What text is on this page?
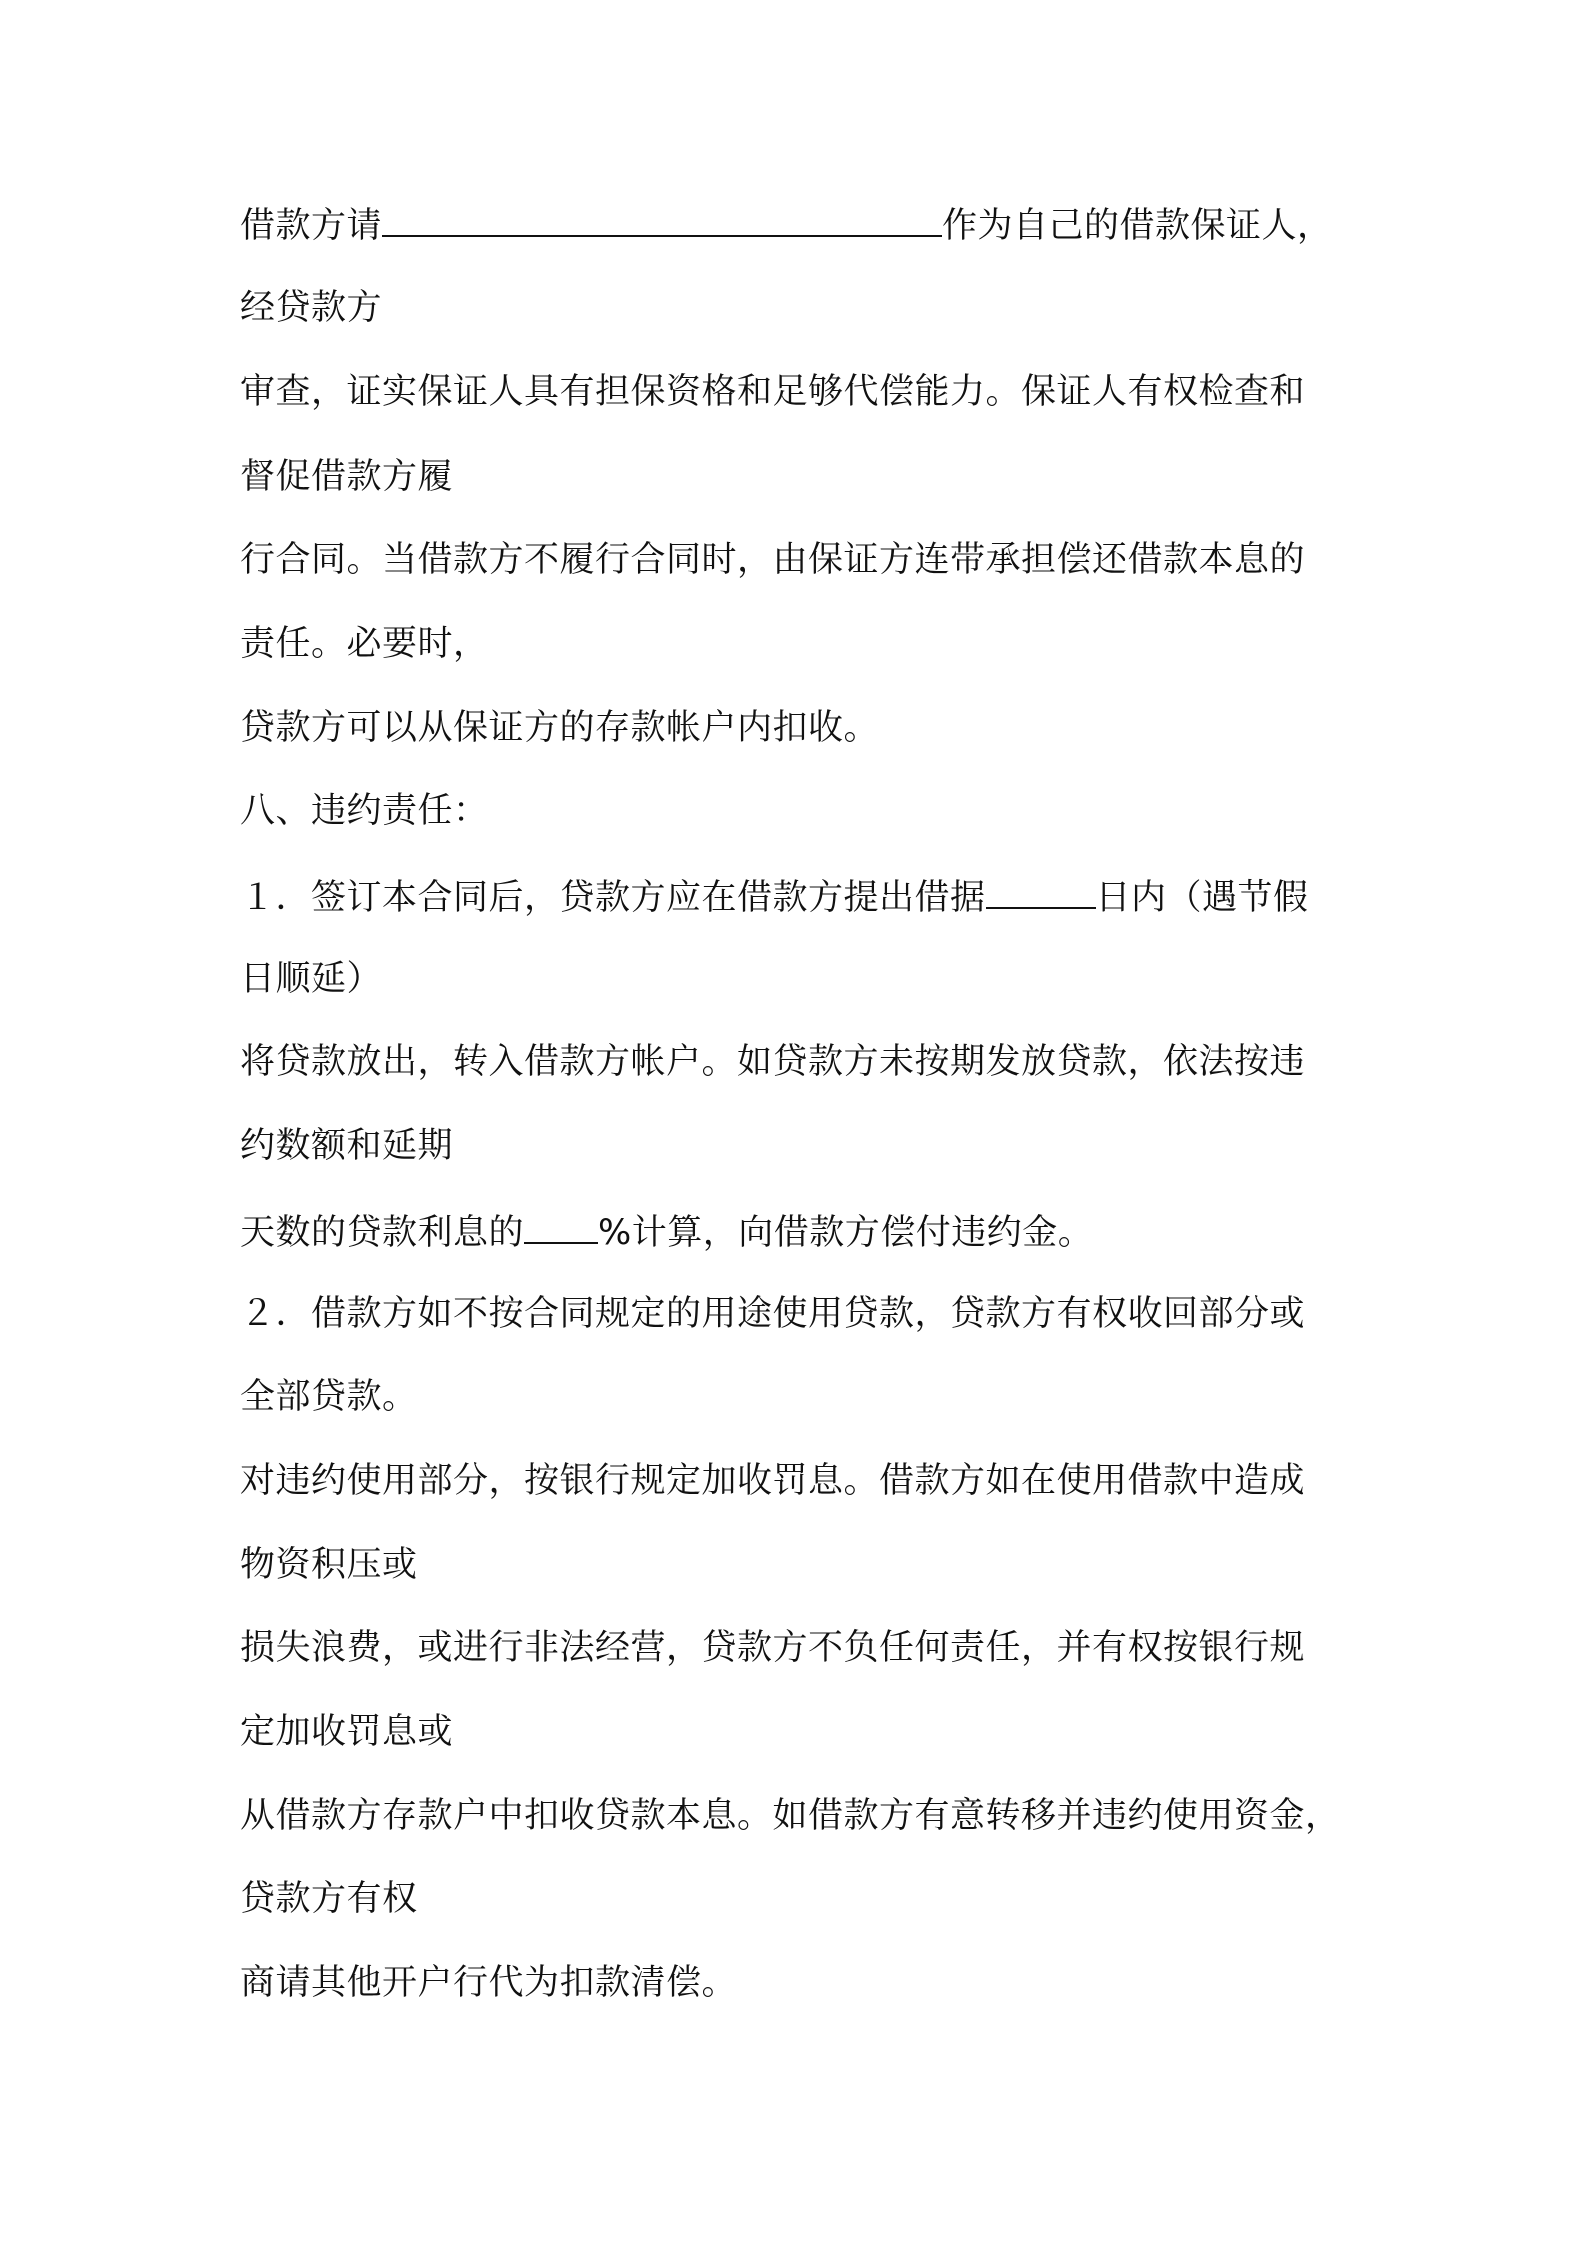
借款方请	作为自己的借款保证人，
经贷款方
审查，证实保证人具有担保资格和足够代偿能力。保证人有权检查和
督促借款方履
行合同。当借款方不履行合同时，由保证方连带承担偿还借款本息的
责任。必要时，
贷款方可以从保证方的存款帐户内扣收。
八、违约责任：
１．签订本合同后，贷款方应在借款方提出借据	日内（遇节假
日顺延）
将贷款放出，转入借款方帐户。如贷款方未按期发放贷款，依法按违
约数额和延期
天数的贷款利息的 %计算，向借款方偿付违约金。
２．借款方如不按合同规定的用途使用贷款，贷款方有权收回部分或
全部贷款。
对违约使用部分，按银行规定加收罚息。借款方如在使用借款中造成
物资积压或
损失浪费，或进行非法经营，贷款方不负任何责任，并有权按银行规
定加收罚息或
从借款方存款户中扣收贷款本息。如借款方有意转移并违约使用资金，
贷款方有权
商请其他开户行代为扣款清偿。
